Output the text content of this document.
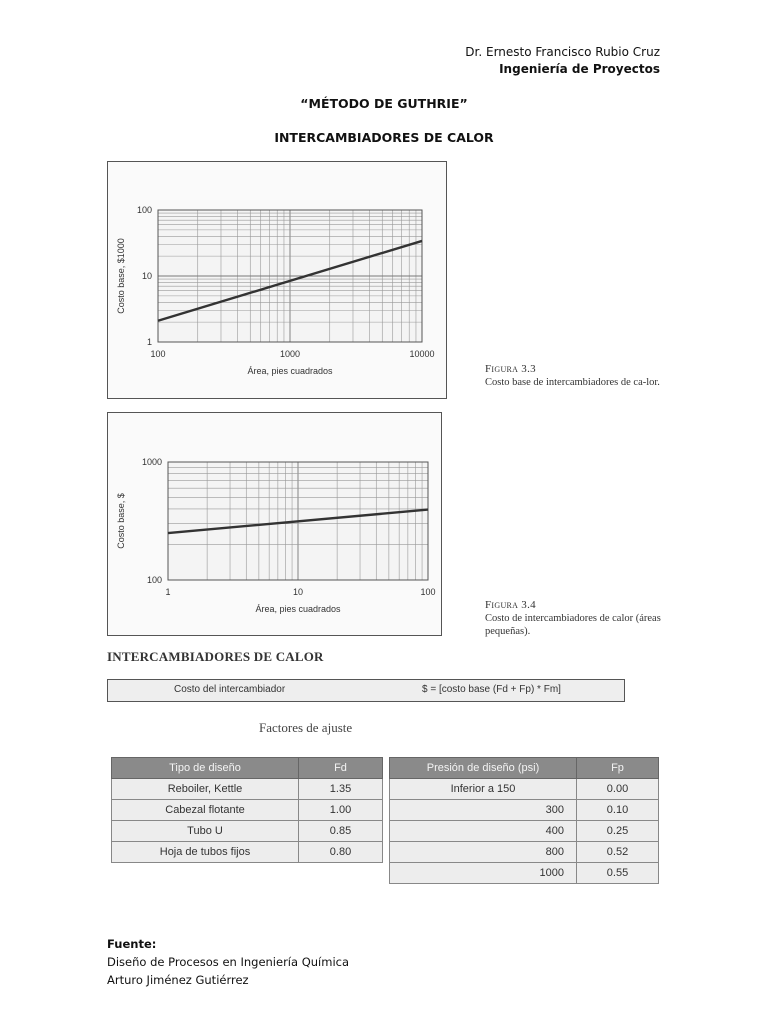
Dr. Ernesto Francisco Rubio Cruz
Ingeniería de Proyectos
“MÉTODO DE GUTHRIE”
INTERCAMBIADORES DE CALOR
100	1000	10000
1
10
100
Área, pies cuadrados
Costo base, $1000
Figura 3.3
Costo base de intercambiadores de ca-lor.
1	10	100
100
1000
Área, pies cuadrados
Costo base, $
Figura 3.4
Costo de intercambiadores de calor (áreas pequeñas).
INTERCAMBIADORES DE CALOR
Costo del intercambiador	$ = [costo base (Fd + Fp) * Fm]
Factores de ajuste
Tipo de diseño	Fd
Reboiler, Kettle	1.35
Cabezal flotante	1.00
Tubo U	0.85
Hoja de tubos fijos	0.80
Presión de diseño (psi)	Fp
Inferior a 150	0.00
300	0.10
400	0.25
800	0.52
1000	0.55
Fuente:
Diseño de Procesos en Ingeniería Química
Arturo Jiménez Gutiérrez
